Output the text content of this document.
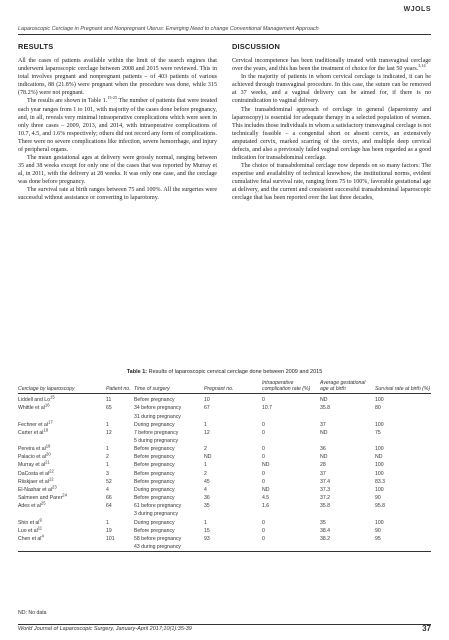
WJOLS
Laparoscopic Cerclage in Pregnant and Nonpregnant Uterus: Emerging Need to change Conventional Management Approach
RESULTS

All the cases of patients available within the limit of the search engines that underwent laparoscopic cerclage between 2008 and 2015 were reviewed. This in total involves pregnant and nonpregnant patients – of 403 patients of various indications, 88 (21.8%) were pregnant when the procedure was done, while 315 (78.2%) were not pregnant.

The results are shown in Table 1.$^{15-25}$ The number of patients that were treated each year ranges from 1 to 101, with majority of the cases done before pregnancy, and, in all, reveals very minimal intraoperative complications which were seen in only three cases – 2009, 2013, and 2014, with intraoperative complications of 10.7, 4.5, and 1.6% respectively; others did not record any form of complications. There were no severe complications like infection, severe hemorrhage, and injury of peripheral organs.

The mean gestational ages at delivery were grossly normal, ranging between 35 and 38 weeks except for only one of the cases that was reported by Murray et al, in 2011, with the delivery at 28 weeks. It was only one case, and the cerclage was done before pregnancy.

The survival rate at birth ranges between 75 and 100%. All the surgeries were successful without assistance or converting to laparotomy.

DISCUSSION

Cervical incompetence has been traditionally treated with transvaginal cerclage over the years, and this has been the treatment of choice for the last 50 years.$^{3,14}$

In the majority of patients in whom cervical cerclage is indicated, it can be achieved through transvaginal procedure. In this case, the suture can be removed at 37 weeks, and a vaginal delivery can be aimed for, if there is no contraindication to vaginal delivery.

The transabdominal approach of cerclage in general (laparotomy and laparoscopy) is essential for adequate therapy in a selected population of women. This includes those individuals in whom a satisfactory transvaginal cerclage is not technically feasible – a congenital short or absent cervix, an extensively amputated cervix, marked scarring of the cervix, and multiple deep cervical defects, and also a previously failed vaginal cerclage has been regarded as a good indication for transabdominal cerclage.

The choice of transabdominal cerclage now depends on so many factors: The expertise and availability of technical knowhow, the institutional norms, evident cumulative fetal survival rate, ranging from 75 to 100%, favorable gestational age at delivery, and the current and consistent successful transabdominal laparoscopic cerclage that has been reported over the last three decades,

Table 1: Results of laparoscopic cervical cerclage done between 2009 and 2015
Cerclage by laparoscopy	Patient no.	Time of surgery	Pregnant no.	Intraoperative complication rate (%)	Average gestational age at birth	Survival rate at birth (%)
Liddell and Lo$^{15}$	11	Before pregnancy	10	0	ND	100
Whittle et $al^{16}$	65	34 before pregnancy	67	10.7	35.8	80
		31 during pregnancy				
Fechner et $al^{17}$	1	During pregnancy	1	0	37	100
Carter et $al^{18}$	12	7 before pregnancy	12	0	ND	75
		5 during pregnancy				
Pereira et $al^{19}$	1	Before pregnancy	2	0	36	100
Palacio et $al^{20}$	2	Before pregnancy	ND	0	ND	ND
Murray et $al^{21}$	1	Before pregnancy	1	ND	28	100
DaCosta et $al^{22}$	3	Before pregnancy	2	0	37	100
Riiskjaer et $al^{12}$	52	Before pregnancy	45	0	37.4	83.3
El-Nashar et $al^{23}$	4	During pregnancy	4	ND	37.3	100
Salmeen and Parer$^{24}$	66	Before pregnancy	36	4.5	37.2	90
Ades et $al^{25}$	64	61 before pregnancy	35	1.6	35.8	95.8
		3 during pregnancy				
Shin et $al^9$	1	During pregnancy	1	0	35	100
Luo et $al^{11}$	19	Before pregnancy	15	0	38.4	90
Chen et $al^4$	101	58 before pregnancy	93	0	38.2	95
		43 during pregnancy				
ND: No data
World Journal of Laparoscopic Surgery, January-April 2017;10(1):35-39	37
